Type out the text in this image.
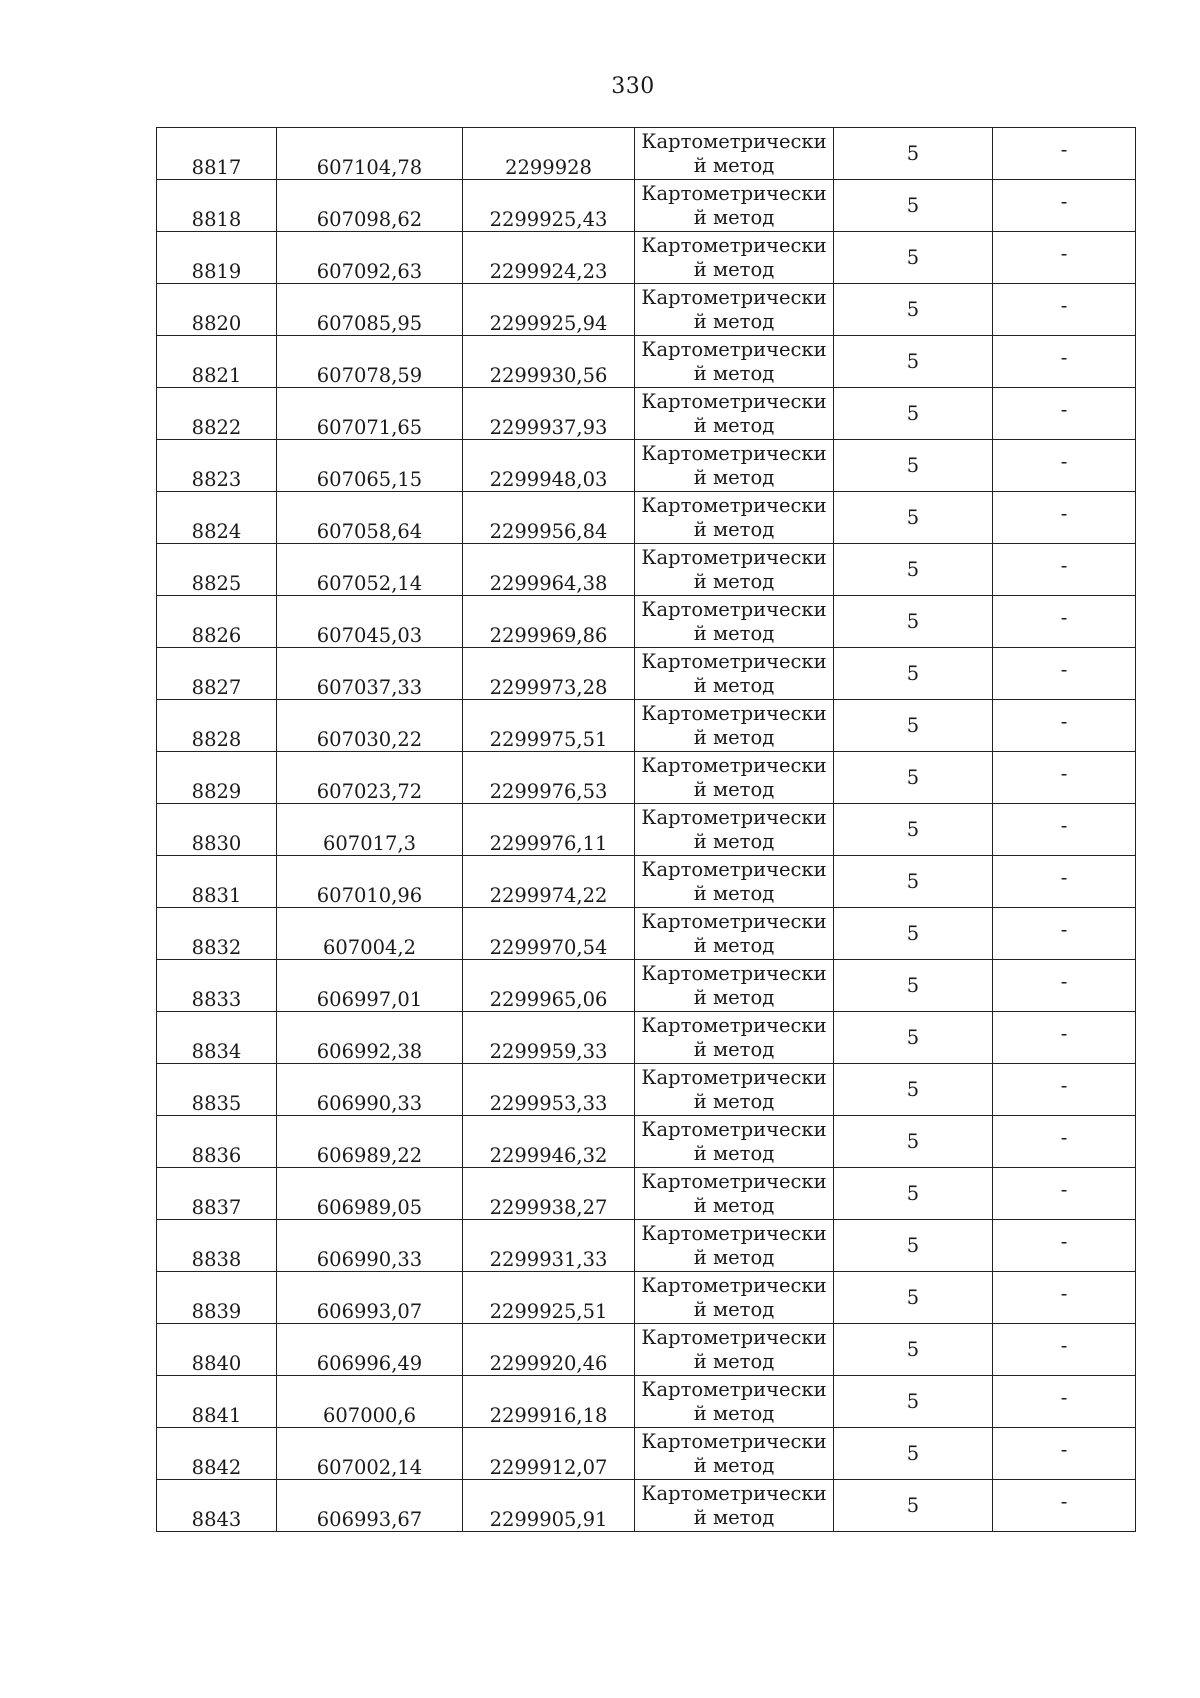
330
8817	607104,78	2299928	Картометрически
й метод	5	-
8818	607098,62	2299925,43	Картометрически
й метод	5	-
8819	607092,63	2299924,23	Картометрически
й метод	5	-
8820	607085,95	2299925,94	Картометрически
й метод	5	-
8821	607078,59	2299930,56	Картометрически
й метод	5	-
8822	607071,65	2299937,93	Картометрически
й метод	5	-
8823	607065,15	2299948,03	Картометрически
й метод	5	-
8824	607058,64	2299956,84	Картометрически
й метод	5	-
8825	607052,14	2299964,38	Картометрически
й метод	5	-
8826	607045,03	2299969,86	Картометрически
й метод	5	-
8827	607037,33	2299973,28	Картометрически
й метод	5	-
8828	607030,22	2299975,51	Картометрически
й метод	5	-
8829	607023,72	2299976,53	Картометрически
й метод	5	-
8830	607017,3	2299976,11	Картометрически
й метод	5	-
8831	607010,96	2299974,22	Картометрически
й метод	5	-
8832	607004,2	2299970,54	Картометрически
й метод	5	-
8833	606997,01	2299965,06	Картометрически
й метод	5	-
8834	606992,38	2299959,33	Картометрически
й метод	5	-
8835	606990,33	2299953,33	Картометрически
й метод	5	-
8836	606989,22	2299946,32	Картометрически
й метод	5	-
8837	606989,05	2299938,27	Картометрически
й метод	5	-
8838	606990,33	2299931,33	Картометрически
й метод	5	-
8839	606993,07	2299925,51	Картометрически
й метод	5	-
8840	606996,49	2299920,46	Картометрически
й метод	5	-
8841	607000,6	2299916,18	Картометрически
й метод	5	-
8842	607002,14	2299912,07	Картометрически
й метод	5	-
8843	606993,67	2299905,91	Картометрически
й метод	5	-
